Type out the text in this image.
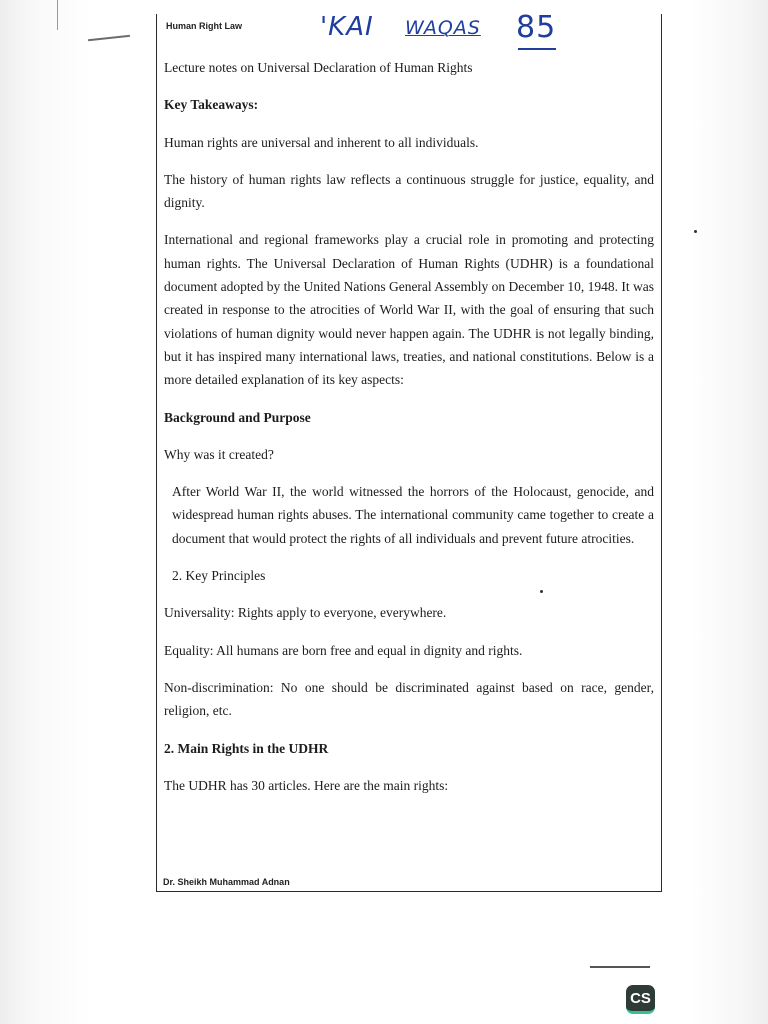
Human Right Law	'KAI WAQAS 85

Lecture notes on Universal Declaration of Human Rights

Key Takeaways:

Human rights are universal and inherent to all individuals.

The history of human rights law reflects a continuous struggle for justice, equality, and dignity.

International and regional frameworks play a crucial role in promoting and protecting human rights. The Universal Declaration of Human Rights (UDHR) is a foundational document adopted by the United Nations General Assembly on December 10, 1948. It was created in response to the atrocities of World War II, with the goal of ensuring that such violations of human dignity would never happen again. The UDHR is not legally binding, but it has inspired many international laws, treaties, and national constitutions. Below is a more detailed explanation of its key aspects:

Background and Purpose

Why was it created?

After World War II, the world witnessed the horrors of the Holocaust, genocide, and widespread human rights abuses. The international community came together to create a document that would protect the rights of all individuals and prevent future atrocities.

2. Key Principles

Universality: Rights apply to everyone, everywhere.

Equality: All humans are born free and equal in dignity and rights.

Non-discrimination: No one should be discriminated against based on race, gender, religion, etc.

2. Main Rights in the UDHR

The UDHR has 30 articles. Here are the main rights:

Dr. Sheikh Muhammad Adnan
CS
